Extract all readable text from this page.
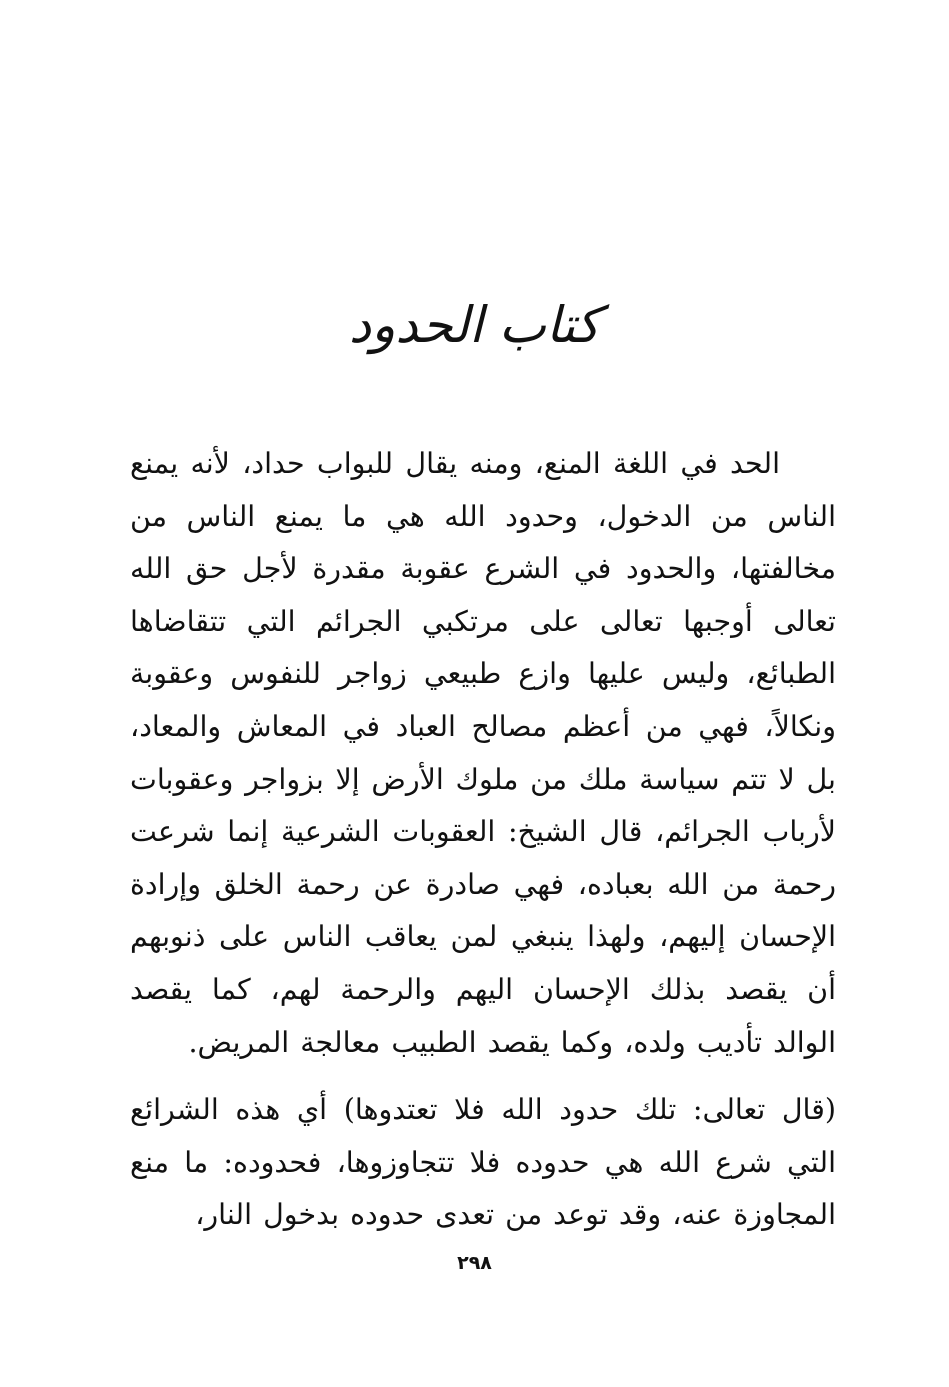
كتاب الحدود

الحد في اللغة المنع، ومنه يقال للبواب حداد، لأنه يمنع الناس من الدخول، وحدود الله هي ما يمنع الناس من مخالفتها، والحدود في الشرع عقوبة مقدرة لأجل حق الله تعالى أوجبها تعالى على مرتكبي الجرائم التي تتقاضاها الطبائع، وليس عليها وازع طبيعي زواجر للنفوس وعقوبة ونكالاً، فهي من أعظم مصالح العباد في المعاش والمعاد، بل لا تتم سياسة ملك من ملوك الأرض إلا بزواجر وعقوبات لأرباب الجرائم، قال الشيخ: العقوبات الشرعية إنما شرعت رحمة من الله بعباده، فهي صادرة عن رحمة الخلق وإرادة الإحسان إليهم، ولهذا ينبغي لمن يعاقب الناس على ذنوبهم أن يقصد بذلك الإحسان اليهم والرحمة لهم، كما يقصد الوالد تأديب ولده، وكما يقصد الطبيب معالجة المريض.

(قال تعالى: تلك حدود الله فلا تعتدوها) أي هذه الشرائع التي شرع الله هي حدوده فلا تتجاوزوها، فحدوده: ما منع المجاوزة عنه، وقد توعد من تعدى حدوده بدخول النار،

٢٩٨
